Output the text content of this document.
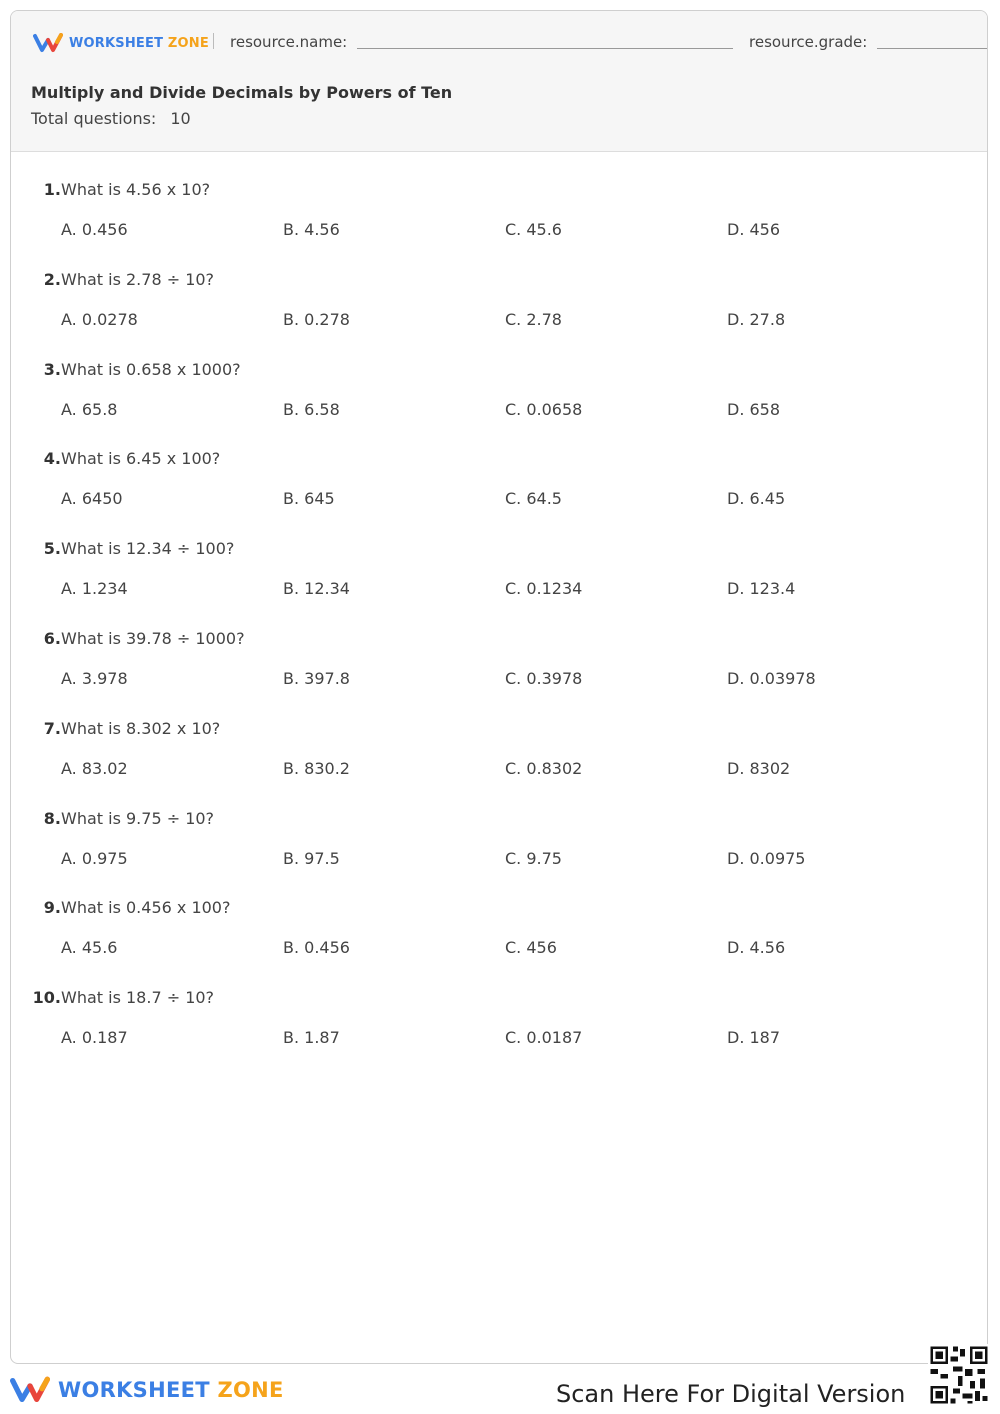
WORKSHEET ZONE resource.name:	resource.grade:
Multiply and Divide Decimals by Powers of Ten
Total questions: 10
1. What is 4.56 x 10?
A. 0.456	B. 4.56	C. 45.6	D. 456
2. What is 2.78 ÷ 10?
A. 0.0278	B. 0.278	C. 2.78	D. 27.8
3. What is 0.658 x 1000?
A. 65.8	B. 6.58	C. 0.0658	D. 658
4. What is 6.45 x 100?
A. 6450	B. 645	C. 64.5	D. 6.45
5. What is 12.34 ÷ 100?
A. 1.234	B. 12.34	C. 0.1234	D. 123.4
6. What is 39.78 ÷ 1000?
A. 3.978	B. 397.8	C. 0.3978	D. 0.03978
7. What is 8.302 x 10?
A. 83.02	B. 830.2	C. 0.8302	D. 8302
8. What is 9.75 ÷ 10?
A. 0.975	B. 97.5	C. 9.75	D. 0.0975
9. What is 0.456 x 100?
A. 45.6	B. 0.456	C. 456	D. 4.56
10. What is 18.7 ÷ 10?
A. 0.187	B. 1.87	C. 0.0187	D. 187
WORKSHEET ZONE	Scan Here For Digital Version
